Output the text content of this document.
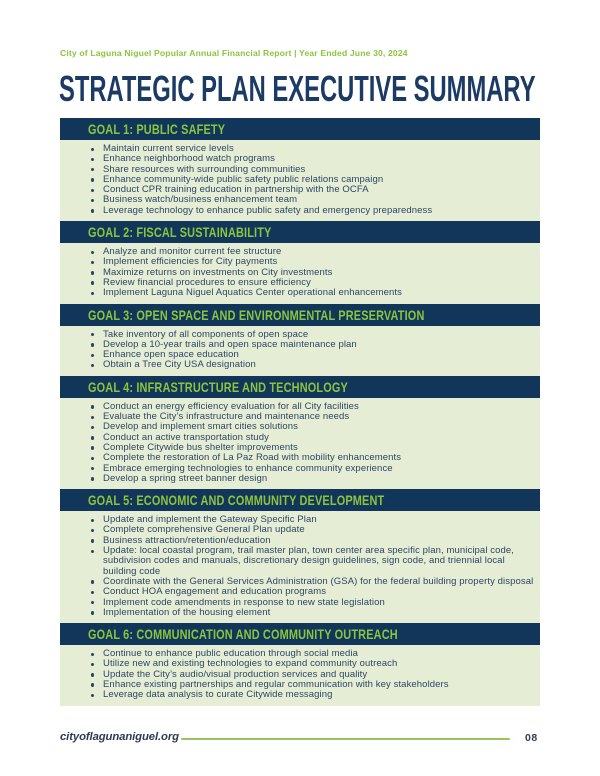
City of Laguna Niguel Popular Annual Financial Report | Year Ended June 30, 2024
STRATEGIC PLAN EXECUTIVE SUMMARY
GOAL 1: PUBLIC SAFETY
Maintain current service levels
Enhance neighborhood watch programs
Share resources with surrounding communities
Enhance community-wide public safety public relations campaign
Conduct CPR training education in partnership with the OCFA
Business watch/business enhancement team
Leverage technology to enhance public safety and emergency preparedness
GOAL 2: FISCAL SUSTAINABILITY
Analyze and monitor current fee structure
Implement efficiencies for City payments
Maximize returns on investments on City investments
Review financial procedures to ensure efficiency
Implement Laguna Niguel Aquatics Center operational enhancements
GOAL 3: OPEN SPACE AND ENVIRONMENTAL PRESERVATION
Take inventory of all components of open space
Develop a 10-year trails and open space maintenance plan
Enhance open space education
Obtain a Tree City USA designation
GOAL 4: INFRASTRUCTURE AND TECHNOLOGY
Conduct an energy efficiency evaluation for all City facilities
Evaluate the City’s infrastructure and maintenance needs
Develop and implement smart cities solutions
Conduct an active transportation study
Complete Citywide bus shelter improvements
Complete the restoration of La Paz Road with mobility enhancements
Embrace emerging technologies to enhance community experience
Develop a spring street banner design
GOAL 5: ECONOMIC AND COMMUNITY DEVELOPMENT
Update and implement the Gateway Specific Plan
Complete comprehensive General Plan update
Business attraction/retention/education
Update: local coastal program, trail master plan, town center area specific plan, municipal code, subdivision codes and manuals, discretionary design guidelines, sign code, and triennial local building code
Coordinate with the General Services Administration (GSA) for the federal building property disposal
Conduct HOA engagement and education programs
Implement code amendments in response to new state legislation
Implementation of the housing element
GOAL 6: COMMUNICATION AND COMMUNITY OUTREACH
Continue to enhance public education through social media
Utilize new and existing technologies to expand community outreach
Update the City’s audio/visual production services and quality
Enhance existing partnerships and regular communication with key stakeholders
Leverage data analysis to curate Citywide messaging
cityoflagunaniguel.org	08
